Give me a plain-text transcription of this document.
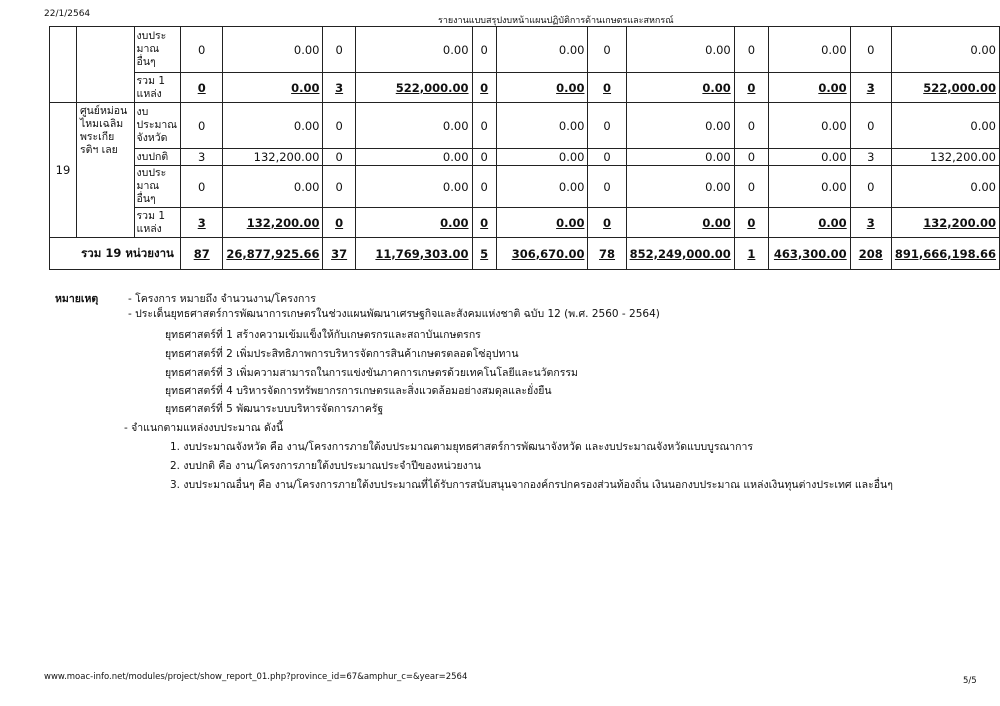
22/1/2564
รายงานแบบสรุปงบหน้าแผนปฏิบัติการด้านเกษตรและสหกรณ์
		งบประมาณอื่นๆ	0	0.00	0	0.00	0	0.00	0	0.00	0	0.00	0	0.00
		รวม 1 แหล่ง	0	0.00	3	522,000.00	0	0.00	0	0.00	0	0.00	3	522,000.00
19	ศูนย์หม่อนไหมเฉลิมพระเกียรติฯ เลย	งบประมาณจังหวัด	0	0.00	0	0.00	0	0.00	0	0.00	0	0.00	0	0.00
		งบปกติ	3	132,200.00	0	0.00	0	0.00	0	0.00	0	0.00	3	132,200.00
		งบประมาณอื่นๆ	0	0.00	0	0.00	0	0.00	0	0.00	0	0.00	0	0.00
		รวม 1 แหล่ง	3	132,200.00	0	0.00	0	0.00	0	0.00	0	0.00	3	132,200.00
รวม 19 หน่วยงาน			87	26,877,925.66	37	11,769,303.00	5	306,670.00	78	852,249,000.00	1	463,300.00	208	891,666,198.66
หมายเหตุ	- โครงการ หมายถึง จำนวนงาน/โครงการ
- ประเด็นยุทธศาสตร์การพัฒนาการเกษตรในช่วงแผนพัฒนาเศรษฐกิจและสังคมแห่งชาติ ฉบับ 12 (พ.ศ. 2560 - 2564)
ยุทธศาสตร์ที่ 1 สร้างความเข้มแข็งให้กับเกษตรกรและสถาบันเกษตรกร
ยุทธศาสตร์ที่ 2 เพิ่มประสิทธิภาพการบริหารจัดการสินค้าเกษตรตลอดโซ่อุปทาน
ยุทธศาสตร์ที่ 3 เพิ่มความสามารถในการแข่งขันภาคการเกษตรด้วยเทคโนโลยีและนวัตกรรม
ยุทธศาสตร์ที่ 4 บริหารจัดการทรัพยากรการเกษตรและสิ่งแวดล้อมอย่างสมดุลและยั่งยืน
ยุทธศาสตร์ที่ 5 พัฒนาระบบบริหารจัดการภาครัฐ
- จำแนกตามแหล่งงบประมาณ ดังนี้
1. งบประมาณจังหวัด คือ งาน/โครงการภายใต้งบประมาณตามยุทธศาสตร์การพัฒนาจังหวัด และงบประมาณจังหวัดแบบบูรณาการ
2. งบปกติ คือ งาน/โครงการภายใต้งบประมาณประจำปีของหน่วยงาน
3. งบประมาณอื่นๆ คือ งาน/โครงการภายใต้งบประมาณที่ได้รับการสนับสนุนจากองค์กรปกครองส่วนท้องถิ่น เงินนอกงบประมาณ แหล่งเงินทุนต่างประเทศ และอื่นๆ
www.moac-info.net/modules/project/show_report_01.php?province_id=67&amphur_c=&year=2564	5/5
